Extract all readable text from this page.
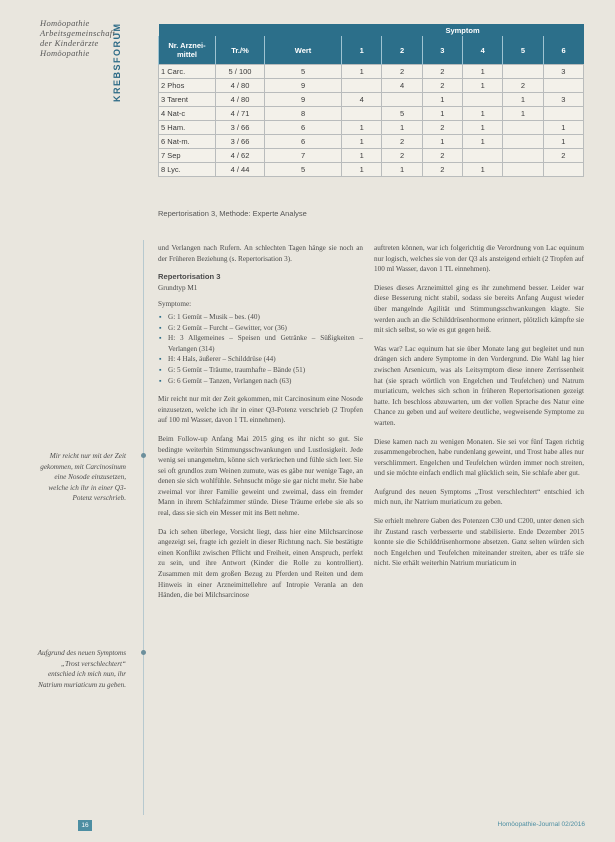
Homöopathie
Arbeitsgemeinschaft
der Kinderärzte
Homöopathie	KREBSFORUM
			Symptom					
Nr. Arznei-mittel	Tr./%	Wert	1	2	3	4	5	6
1 Carc.	5 / 100	5	1	2	2	1		3
2 Phos	4 / 80	9		4	2	1	2	
3 Tarent	4 / 80	9	4		1		1	3
4 Nat-c	4 / 71	8		5	1	1	1	
5 Ham.	3 / 66	6	1	1	2	1		1
6 Nat-m.	3 / 66	6	1	2	1	1		1
7 Sep	4 / 62	7	1	2	2			2
8 Lyc.	4 / 44	5	1	1	2	1		
Repertorisation 3, Methode: Experte Analyse
Mir reicht nur mit der Zeit gekommen, mit Carcinosinum eine Nosode einzusetzen, welche ich ihr in einer Q3-Potenz verschrieb.
Aufgrund des neuen Symptoms „Trost verschlechtert“ entschied ich mich nun, ihr Natrium muriaticum zu geben.

und Verlangen nach Rufern. An schlechten Tagen hänge sie noch an der Früheren Beziehung (s. Repertorisation 3).

Repertorisation 3

Grundtyp M1

Symptome:

▪ G: 1 Gemüt – Musik – bes. (40)
▪ G: 2 Gemüt – Furcht – Gewitter, vor (36)
▪ H: 3 Allgemeines – Speisen und Getränke – Süßigkeiten – Verlangen (314)
▪ H: 4 Hals, äußerer – Schilddrüse (44)
▪ G: 5 Gemüt – Träume, traumhafte – Bände (51)
▪ G: 6 Gemüt – Tanzen, Verlangen nach (63)

Mir reicht nur mit der Zeit gekommen, mit Carcinosinum eine Nosode einzusetzen, welche ich ihr in einer Q3-Potenz verschrieb (2 Tropfen auf 100 ml Wasser, davon 1 TL einnehmen).

Beim Follow-up Anfang Mai 2015 ging es ihr nicht so gut. Sie bedingte weiterhin Stimmungsschwankungen und Lustlosigkeit. Jede wenig sei unangenehm, könne sich verkriechen und fühle sich leer. Sie sei oft grundlos zum Weinen zumute, was es gäbe nur wenige Tage, an denen sie sich wohlfühle. Sehnsucht möge sie gar nicht mehr. Sie habe zweimal vor ihrer Familie geweint und zweimal, dass ein fremder Mann in ihrem Schlafzimmer stünde. Diese Träume erlebe sie als so real, dass sie sich ein Messer mit ins Bett nehme.

Da ich sehen überlege, Vorsicht liegt, dass hier eine Milchsarcinose angezeigt sei, fragte ich gezielt in dieser Richtung nach. Sie bestätigte einen Konflikt zwischen Pflicht und Freiheit, einen Anspruch, perfekt zu sein, und ihre Antwort (Kinder die Rolle zu kontrolliert). Zusammen mit dem großen Bezug zu Pferden und Reiten und dem Hinweis in einer Arzneimittellehre auf Intropie Veranla an den Händen, die bei Milchsarcinose

auftreten können, war ich folgerichtig die Verordnung von Lac equinum nur logisch, welches sie von der Q3 als ansteigend erhielt (2 Tropfen auf 100 ml Wasser, davon 1 TL einnehmen).

Dieses dieses Arzneimittel ging es ihr zunehmend besser. Leider war diese Besserung nicht stabil, sodass sie bereits Anfang August wieder über mangelnde Agilität und Stimmungsschwankungen klagte. Sie werden auch an die Schilddrüsenhormone erinnert, plötzlich kämpfte sie mit sich selbst, so wie es gut gegen heiß.

Was war? Lac equinum hat sie über Monate lang gut begleitet und nun drängen sich andere Symptome in den Vordergrund. Die Wahl lag hier zwischen Arsenicum, was als Leitsymptom diese innere Zerrissenheit hat (sie sprach wörtlich von Engelchen und Teufelchen) und Natrum muriaticum, welches sich schon in früheren Repertorisationen gezeigt hatte. Ich beschloss abzuwarten, um der vollen Sprache des Natur eine Chance zu geben und auf weitere deutliche, wegweisende Symptome zu warten.

Diese kamen nach zu wenigen Monaten. Sie sei vor fünf Tagen richtig zusammengebrochen, habe rundenlang geweint, und Trost habe alles nur verschlimmert. Engelchen und Teufelchen würden immer noch streiten, und sie möchte einfach endlich mal glücklich sein, Sie schlafe aber gut.

Aufgrund des neuen Symptoms „Trost verschlechtert“ entschied ich mich nun, ihr Natrium muriaticum zu geben.

Sie erhielt mehrere Gaben des Potenzen C30 und C200, unter denen sich ihr Zustand rasch verbesserte und stabilisierte. Ende Dezember 2015 konnte sie die Schilddrüsenhormone absetzen. Ganz selten würden sich noch Engelchen und Teufelchen miteinander streiten, aber es träfe sie nicht. Sie erhält weiterhin Natrium muriaticum in

16	Homöopathie-Journal 02/2016
